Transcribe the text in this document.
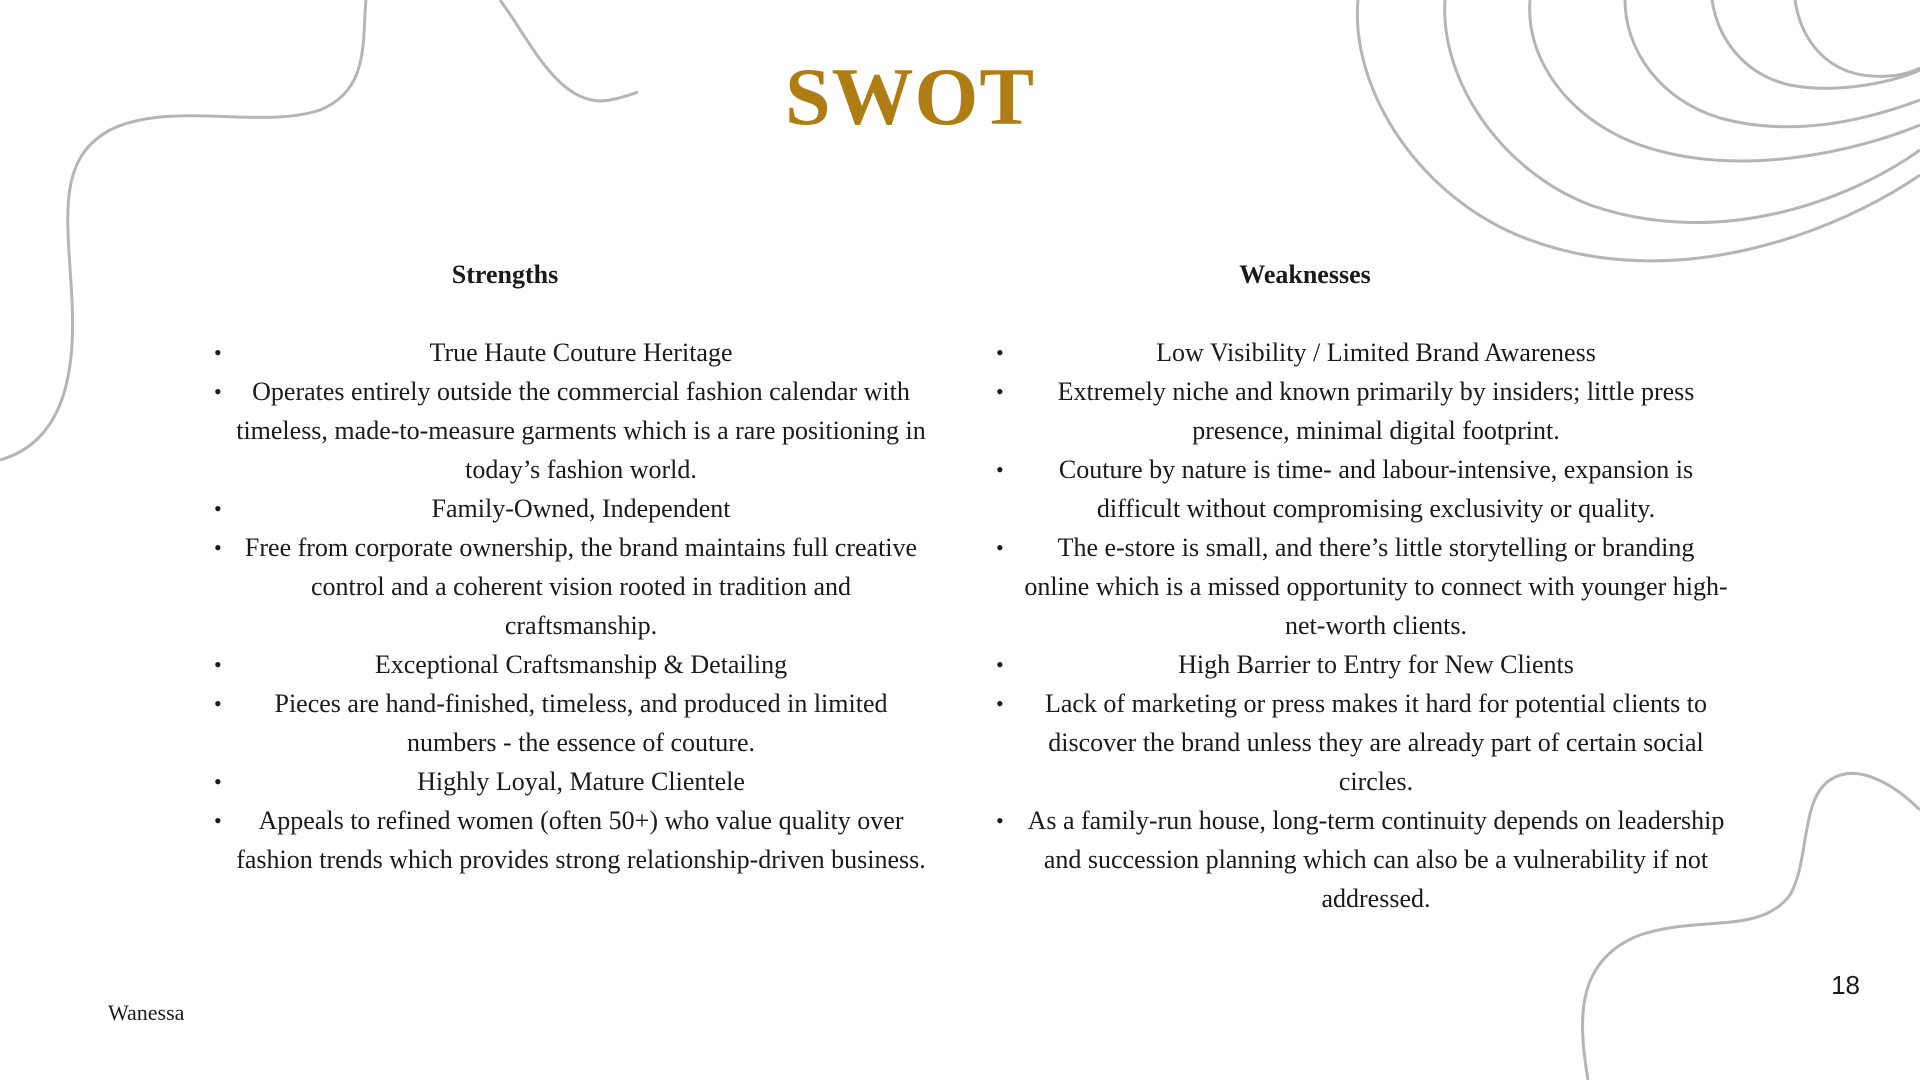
SWOT
Strengths
•	True Haute Couture Heritage
• Operates entirely outside the commercial fashion calendar with timeless, made-to-measure garments which is a rare positioning in today’s fashion world.
•	Family-Owned, Independent
• Free from corporate ownership, the brand maintains full creative control and a coherent vision rooted in tradition and craftsmanship.
•	Exceptional Craftsmanship & Detailing
• Pieces are hand-finished, timeless, and produced in limited numbers - the essence of couture.
•	Highly Loyal, Mature Clientele
• Appeals to refined women (often 50+) who value quality over fashion trends which provides strong relationship-driven business.
Weaknesses
•	Low Visibility / Limited Brand Awareness
• Extremely niche and known primarily by insiders; little press presence, minimal digital footprint.
• Couture by nature is time- and labour-intensive, expansion is difficult without compromising exclusivity or quality.
• The e-store is small, and there’s little storytelling or branding online which is a missed opportunity to connect with younger high-net-worth clients.
•	High Barrier to Entry for New Clients
• Lack of marketing or press makes it hard for potential clients to discover the brand unless they are already part of certain social circles.
• As a family-run house, long-term continuity depends on leadership and succession planning which can also be a vulnerability if not addressed.
Wanessa
18
